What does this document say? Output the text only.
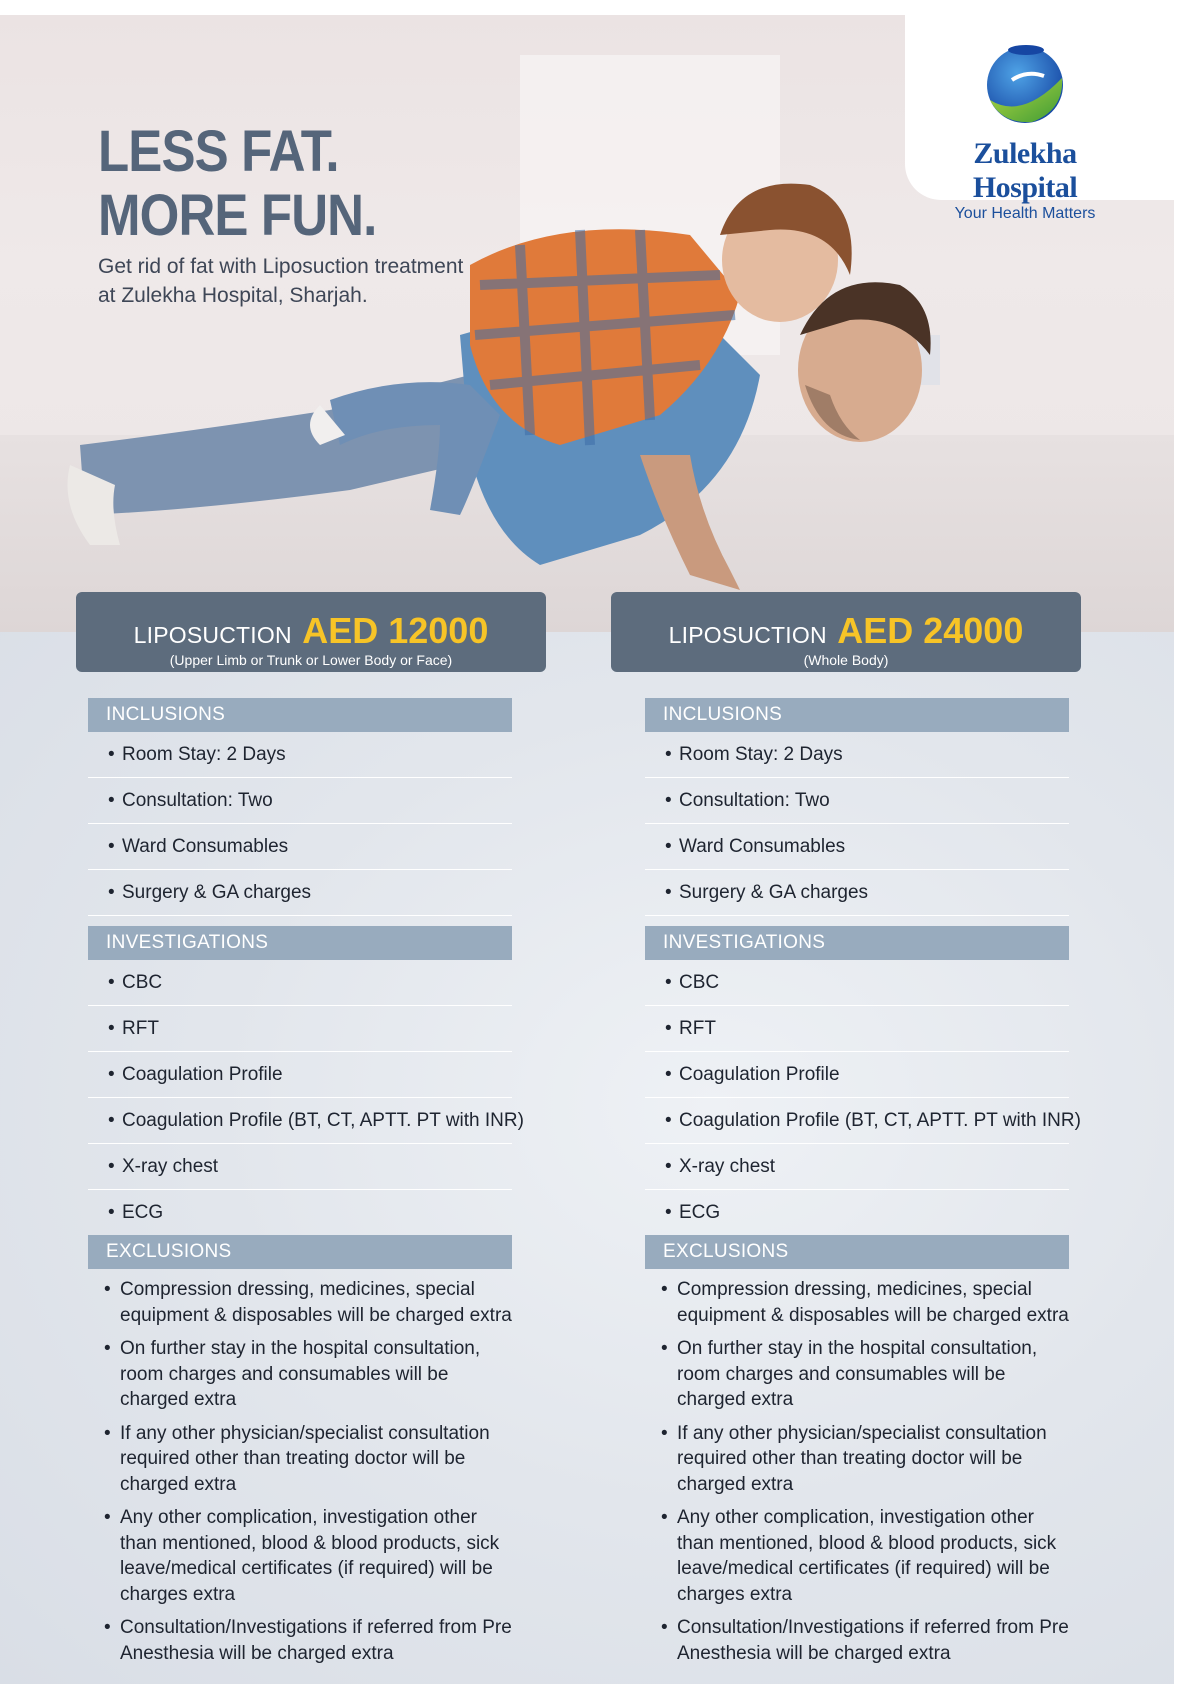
Zulekha Hospital
Your Health Matters
LESS FAT.
MORE FUN.
Get rid of fat with Liposuction treatment
at Zulekha Hospital, Sharjah.
LIPOSUCTION AED 12000
(Upper Limb or Trunk or Lower Body or Face)
LIPOSUCTION AED 24000
(Whole Body)
INCLUSIONS
• Room Stay: 2 Days
• Consultation: Two
• Ward Consumables
• Surgery & GA charges
INVESTIGATIONS
• CBC
• RFT
• Coagulation Profile
• Coagulation Profile (BT, CT, APTT. PT with INR)
• X-ray chest
• ECG
EXCLUSIONS
• Compression dressing, medicines, special equipment & disposables will be charged extra
• On further stay in the hospital consultation, room charges and consumables will be charged extra
• If any other physician/specialist consultation required other than treating doctor will be charged extra
• Any other complication, investigation other than mentioned, blood & blood products, sick leave/medical certificates (if required) will be charges extra
• Consultation/Investigations if referred from Pre Anesthesia will be charged extra
INCLUSIONS
• Room Stay: 2 Days
• Consultation: Two
• Ward Consumables
• Surgery & GA charges
INVESTIGATIONS
• CBC
• RFT
• Coagulation Profile
• Coagulation Profile (BT, CT, APTT. PT with INR)
• X-ray chest
• ECG
EXCLUSIONS
• Compression dressing, medicines, special equipment & disposables will be charged extra
• On further stay in the hospital consultation, room charges and consumables will be charged extra
• If any other physician/specialist consultation required other than treating doctor will be charged extra
• Any other complication, investigation other than mentioned, blood & blood products, sick leave/medical certificates (if required) will be charges extra
• Consultation/Investigations if referred from Pre Anesthesia will be charged extra
